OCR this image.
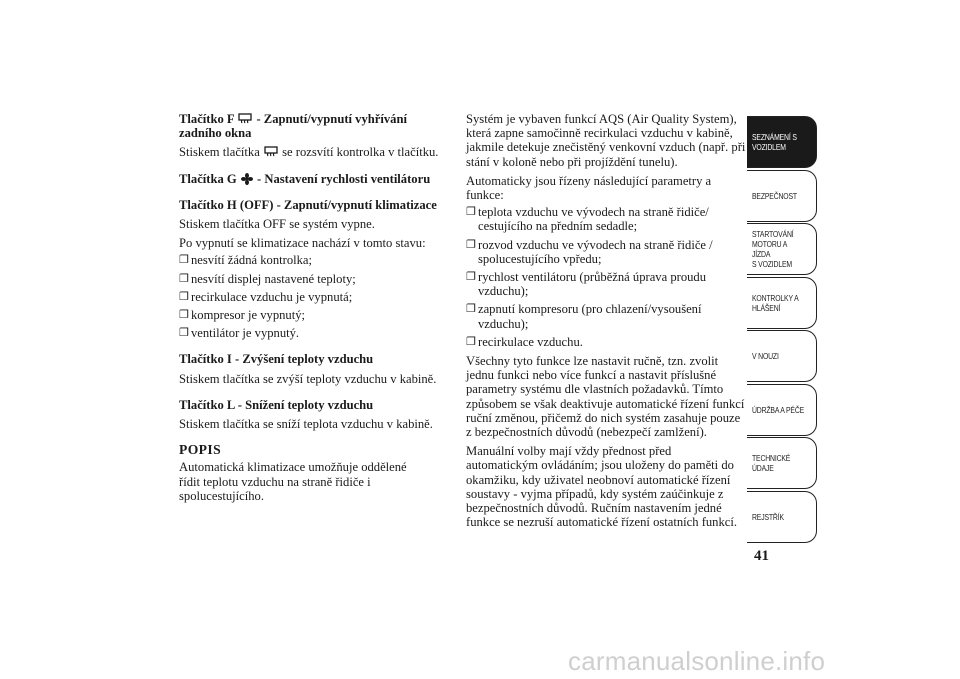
Tlačítko F - Zapnutí/vypnutí vyhřívání zadního okna

Stiskem tlačítka se rozsvítí kontrolka v tlačítku.

Tlačítka G - Nastavení rychlosti ventilátoru
Tlačítko H (OFF) - Zapnutí/vypnutí klimatizace

Stiskem tlačítka OFF se systém vypne.

Po vypnutí se klimatizace nachází v tomto stavu:

❐ nesvítí žádná kontrolka;
❐ nesvítí displej nastavené teploty;
❐ recirkulace vzduchu je vypnutá;
❐ kompresor je vypnutý;
❐ ventilátor je vypnutý.
Tlačítko I - Zvýšení teploty vzduchu

Stiskem tlačítka se zvýší teploty vzduchu v kabině.

Tlačítko L - Snížení teploty vzduchu

Stiskem tlačítka se sníží teplota vzduchu v kabině.

POPIS

Automatická klimatizace umožňuje oddělené řídit teplotu vzduchu na straně řidiče i spolucestujícího.

Systém je vybaven funkcí AQS (Air Quality System), která zapne samočinně recirkulaci vzduchu v kabině, jakmile detekuje znečistěný venkovní vzduch (např. při stání v koloně nebo při projíždění tunelu).

Automaticky jsou řízeny následující parametry a funkce:

❐ teplota vzduchu ve vývodech na straně řidiče/ cestujícího na předním sedadle;
❐ rozvod vzduchu ve vývodech na straně řidiče / spolucestujícího vpředu;
❐ rychlost ventilátoru (průběžná úprava proudu vzduchu);
❐ zapnutí kompresoru (pro chlazení/vysoušení vzduchu);
❐ recirkulace vzduchu.

Všechny tyto funkce lze nastavit ručně, tzn. zvolit jednu funkci nebo více funkcí a nastavit příslušné parametry systému dle vlastních požadavků. Tímto způsobem se však deaktivuje automatické řízení funkcí ruční změnou, přičemž do nich systém zasahuje pouze z bezpečnostních důvodů (nebezpečí zamlžení).

Manuální volby mají vždy přednost před automatickým ovládáním; jsou uloženy do paměti do okamžiku, kdy uživatel neobnoví automatické řízení soustavy - vyjma případů, kdy systém zaúčinkuje z bezpečnostních důvodů. Ručním nastavením jedné funkce se nezruší automatické řízení ostatních funkcí.

SEZNÁMENÍ S
VOZIDLEM
BEZPEČNOST
STARTOVÁNÍ
MOTORU A JÍZDA
S VOZIDLEM
KONTROLKY A
HLÁŠENÍ
V NOUZI
ÚDRŽBA A PÉČE
TECHNICKÉ
ÚDAJE
REJSTŘÍK
41
carmanualsonline.info
